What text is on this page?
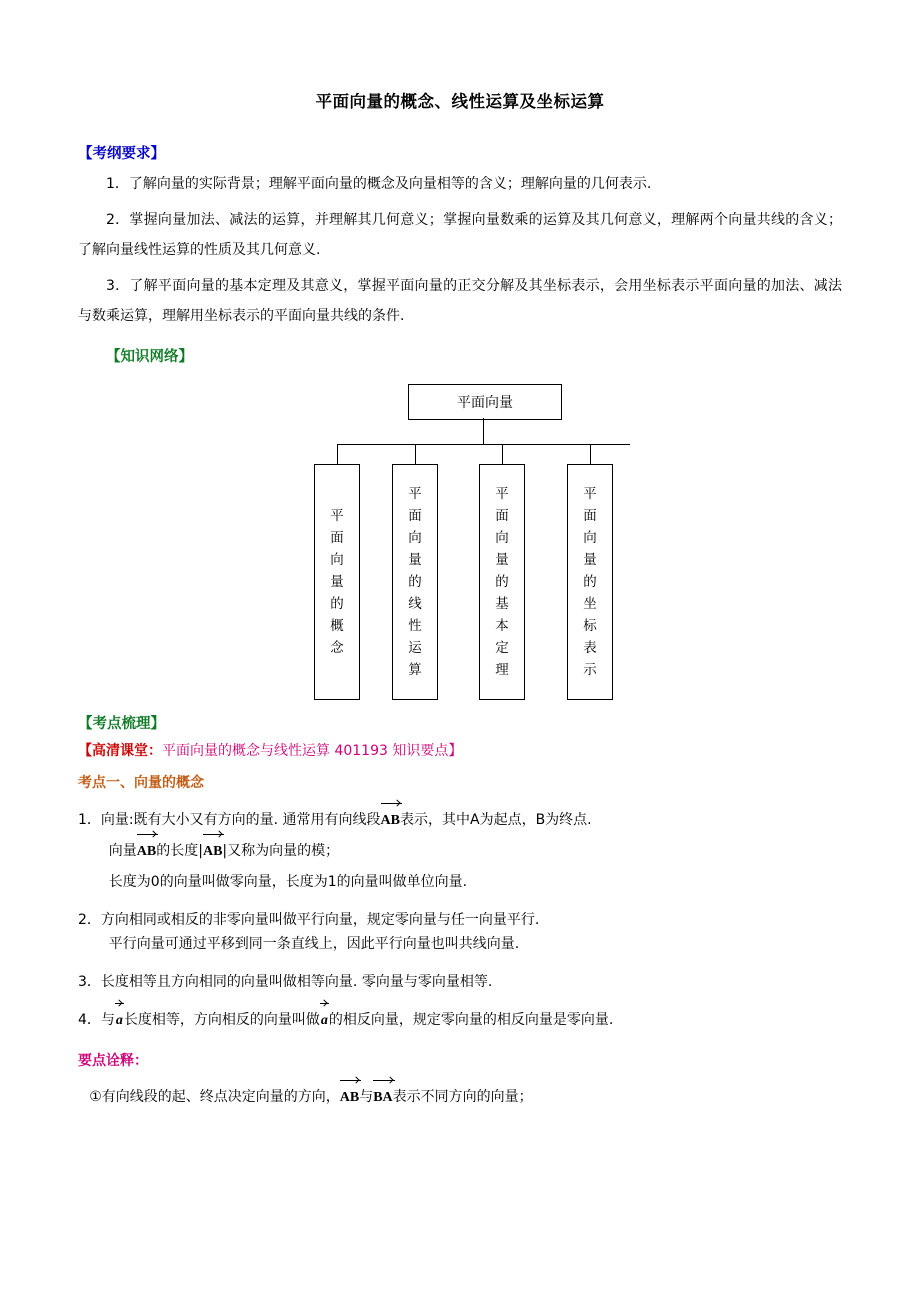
平面向量的概念、线性运算及坐标运算
【考纲要求】
1．了解向量的实际背景；理解平面向量的概念及向量相等的含义；理解向量的几何表示.
2．掌握向量加法、减法的运算，并理解其几何意义；掌握向量数乘的运算及其几何意义，理解两个向量共线的含义；了解向量线性运算的性质及其几何意义.
3．了解平面向量的基本定理及其意义，掌握平面向量的正交分解及其坐标表示，会用坐标表示平面向量的加法、减法与数乘运算，理解用坐标表示的平面向量共线的条件.
【知识网络】
平面向量
平面向量的概念
平面向量的线性运算
平面向量的基本定理
平面向量的坐标表示
【考点梳理】
【高清课堂：平面向量的概念与线性运算 401193 知识要点】
考点一、向量的概念
1． 向量:既有大小又有方向的量. 通常用有向线段AB表示，其中A为起点，B为终点.
向量AB的长度|AB|又称为向量的模；
长度为0的向量叫做零向量，长度为1的向量叫做单位向量.
2． 方向相同或相反的非零向量叫做平行向量，规定零向量与任一向量平行.
平行向量可通过平移到同一条直线上，因此平行向量也叫共线向量.
3． 长度相等且方向相同的向量叫做相等向量. 零向量与零向量相等.
4． 与a长度相等，方向相反的向量叫做a的相反向量，规定零向量的相反向量是零向量.
要点诠释：
①有向线段的起、终点决定向量的方向，AB与BA表示不同方向的向量；
